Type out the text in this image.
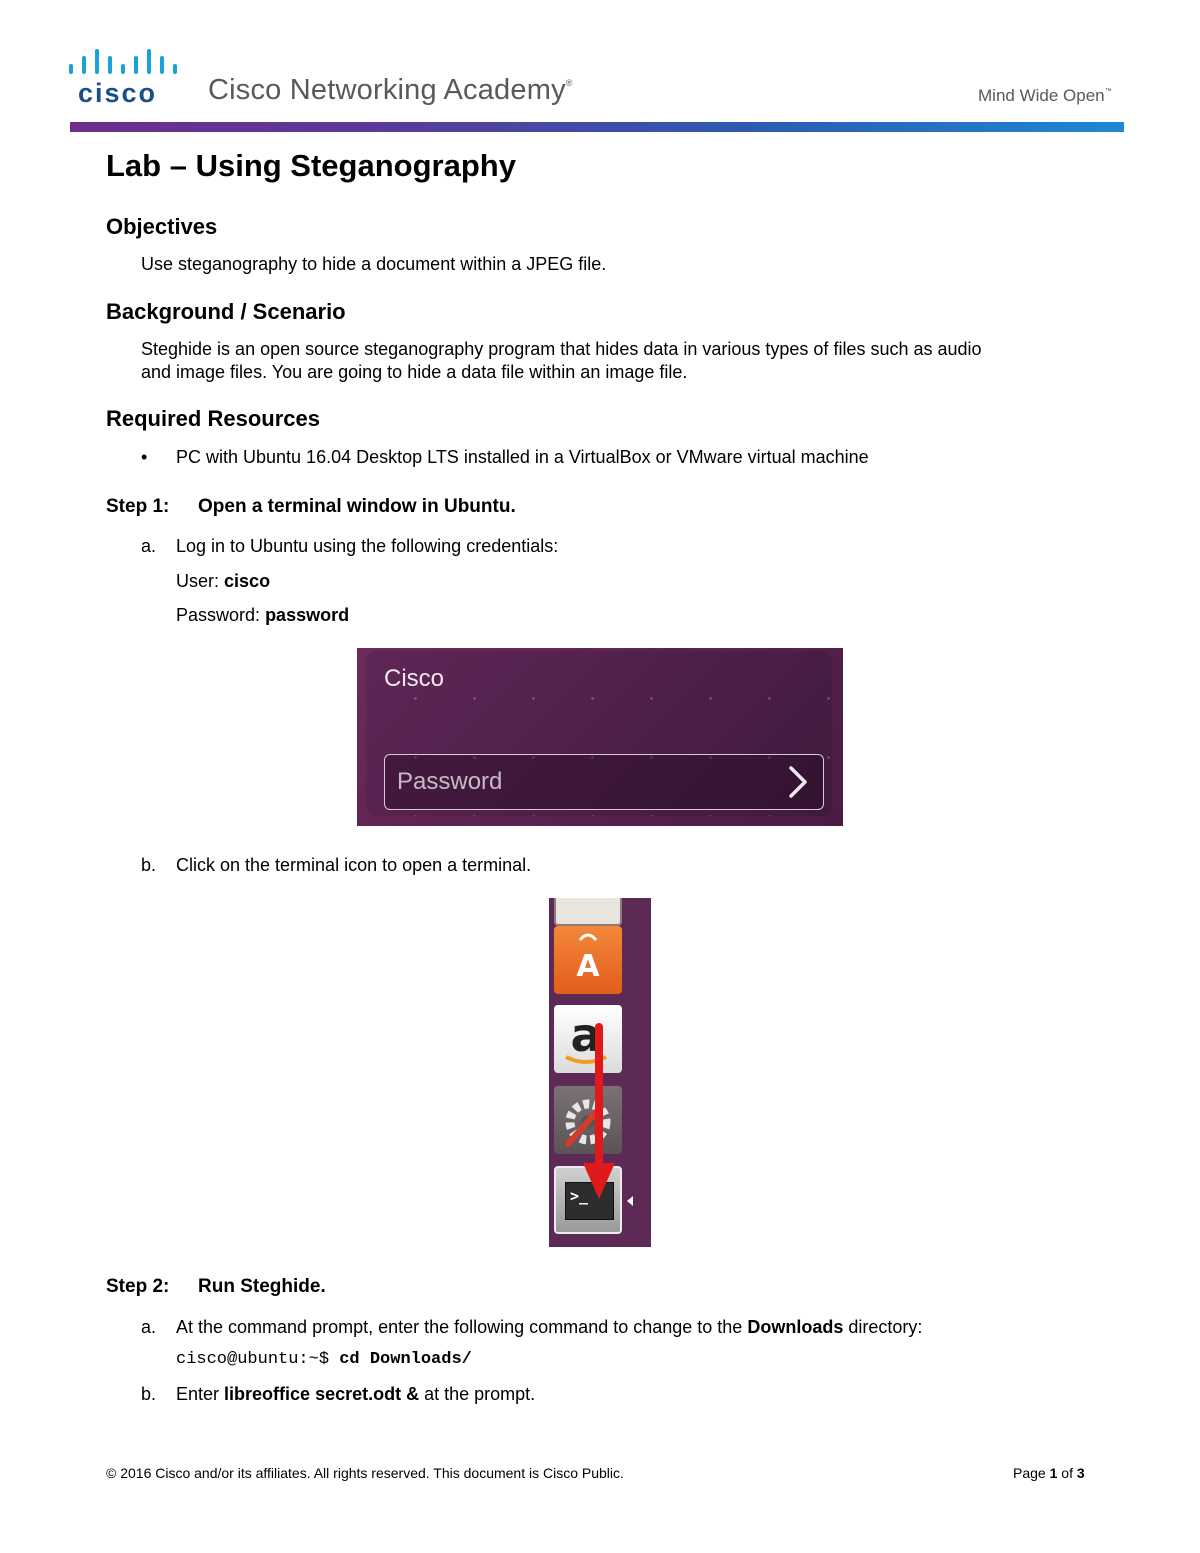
cisco Cisco Networking Academy®
Mind Wide Open™
Lab – Using Steganography
Objectives
Use steganography to hide a document within a JPEG file.
Background / Scenario
Steghide is an open source steganography program that hides data in various types of files such as audio
and image files. You are going to hide a data file within an image file.
Required Resources
• PC with Ubuntu 16.04 Desktop LTS installed in a VirtualBox or VMware virtual machine
Step 1: Open a terminal window in Ubuntu.
a. Log in to Ubuntu using the following credentials:
User: cisco
Password: password
Cisco
Password
b. Click on the terminal icon to open a terminal.
A
a
>_
Step 2: Run Steghide.
a. At the command prompt, enter the following command to change to the Downloads directory:
cisco@ubuntu:~$ cd Downloads/
b. Enter libreoffice secret.odt & at the prompt.
© 2016 Cisco and/or its affiliates. All rights reserved. This document is Cisco Public.	Page 1 of 3
